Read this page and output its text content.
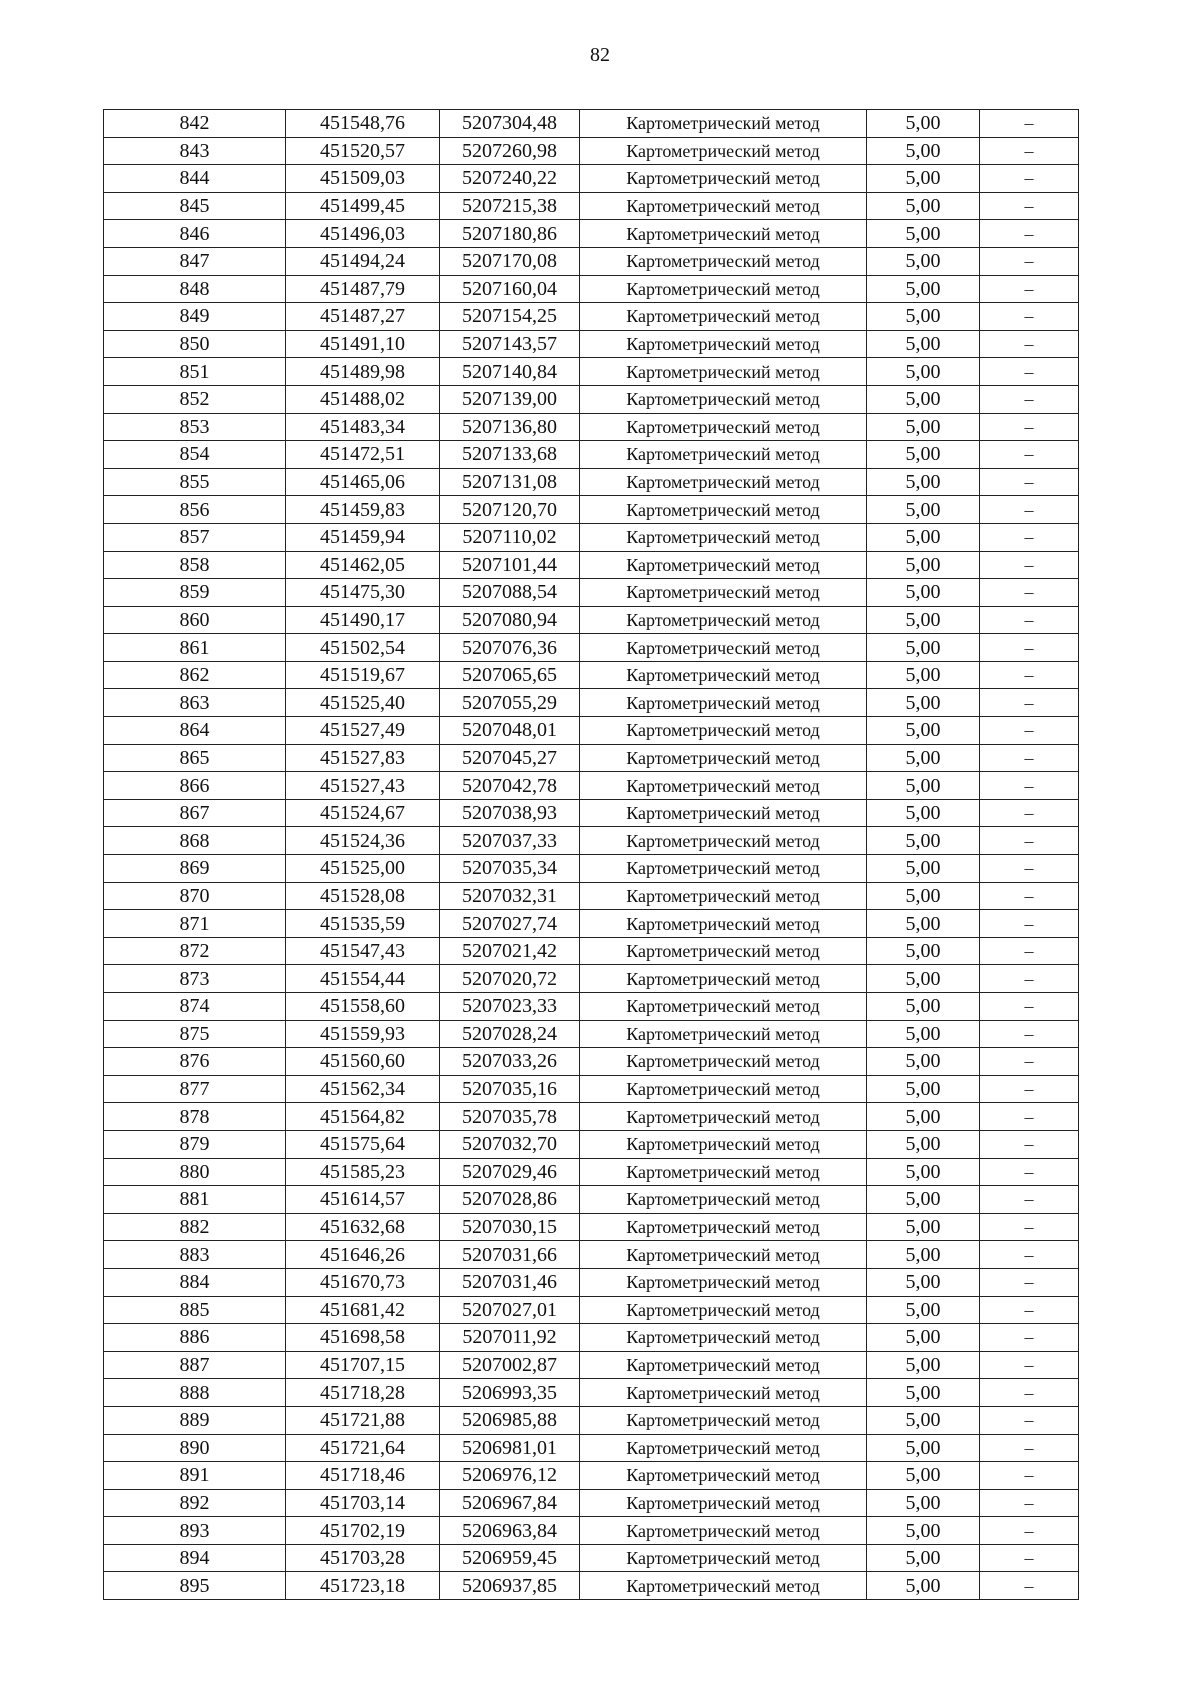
82
842	451548,76	5207304,48	Картометрический метод	5,00	–
843	451520,57	5207260,98	Картометрический метод	5,00	–
844	451509,03	5207240,22	Картометрический метод	5,00	–
845	451499,45	5207215,38	Картометрический метод	5,00	–
846	451496,03	5207180,86	Картометрический метод	5,00	–
847	451494,24	5207170,08	Картометрический метод	5,00	–
848	451487,79	5207160,04	Картометрический метод	5,00	–
849	451487,27	5207154,25	Картометрический метод	5,00	–
850	451491,10	5207143,57	Картометрический метод	5,00	–
851	451489,98	5207140,84	Картометрический метод	5,00	–
852	451488,02	5207139,00	Картометрический метод	5,00	–
853	451483,34	5207136,80	Картометрический метод	5,00	–
854	451472,51	5207133,68	Картометрический метод	5,00	–
855	451465,06	5207131,08	Картометрический метод	5,00	–
856	451459,83	5207120,70	Картометрический метод	5,00	–
857	451459,94	5207110,02	Картометрический метод	5,00	–
858	451462,05	5207101,44	Картометрический метод	5,00	–
859	451475,30	5207088,54	Картометрический метод	5,00	–
860	451490,17	5207080,94	Картометрический метод	5,00	–
861	451502,54	5207076,36	Картометрический метод	5,00	–
862	451519,67	5207065,65	Картометрический метод	5,00	–
863	451525,40	5207055,29	Картометрический метод	5,00	–
864	451527,49	5207048,01	Картометрический метод	5,00	–
865	451527,83	5207045,27	Картометрический метод	5,00	–
866	451527,43	5207042,78	Картометрический метод	5,00	–
867	451524,67	5207038,93	Картометрический метод	5,00	–
868	451524,36	5207037,33	Картометрический метод	5,00	–
869	451525,00	5207035,34	Картометрический метод	5,00	–
870	451528,08	5207032,31	Картометрический метод	5,00	–
871	451535,59	5207027,74	Картометрический метод	5,00	–
872	451547,43	5207021,42	Картометрический метод	5,00	–
873	451554,44	5207020,72	Картометрический метод	5,00	–
874	451558,60	5207023,33	Картометрический метод	5,00	–
875	451559,93	5207028,24	Картометрический метод	5,00	–
876	451560,60	5207033,26	Картометрический метод	5,00	–
877	451562,34	5207035,16	Картометрический метод	5,00	–
878	451564,82	5207035,78	Картометрический метод	5,00	–
879	451575,64	5207032,70	Картометрический метод	5,00	–
880	451585,23	5207029,46	Картометрический метод	5,00	–
881	451614,57	5207028,86	Картометрический метод	5,00	–
882	451632,68	5207030,15	Картометрический метод	5,00	–
883	451646,26	5207031,66	Картометрический метод	5,00	–
884	451670,73	5207031,46	Картометрический метод	5,00	–
885	451681,42	5207027,01	Картометрический метод	5,00	–
886	451698,58	5207011,92	Картометрический метод	5,00	–
887	451707,15	5207002,87	Картометрический метод	5,00	–
888	451718,28	5206993,35	Картометрический метод	5,00	–
889	451721,88	5206985,88	Картометрический метод	5,00	–
890	451721,64	5206981,01	Картометрический метод	5,00	–
891	451718,46	5206976,12	Картометрический метод	5,00	–
892	451703,14	5206967,84	Картометрический метод	5,00	–
893	451702,19	5206963,84	Картометрический метод	5,00	–
894	451703,28	5206959,45	Картометрический метод	5,00	–
895	451723,18	5206937,85	Картометрический метод	5,00	–
